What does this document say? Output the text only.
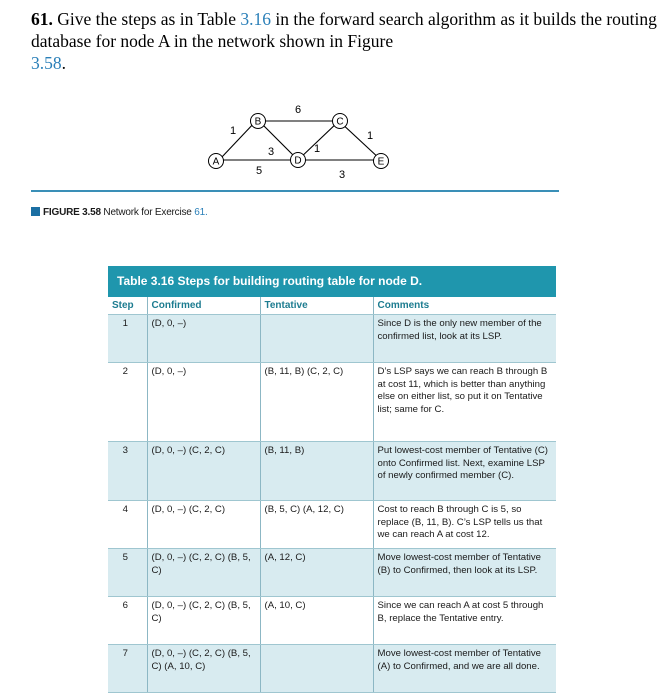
61. Give the steps as in Table 3.16 in the forward search algorithm as it builds the routing database for node A in the network shown in Figure
3.58.
1
5
3
6
1
1
3
A
B	C
D	E
FIGURE 3.58 Network for Exercise 61.
Table 3.16 Steps for building routing table for node D.
Step	Confirmed	Tentative	Comments
1	(D, 0, –)		Since D is the only new member of the confirmed list, look at its LSP.
2	(D, 0, –)	(B, 11, B) (C, 2, C)	D’s LSP says we can reach B through B at cost 11, which is better than anything else on either list, so put it on Tentative list; same for C.
3	(D, 0, –) (C, 2, C)	(B, 11, B)	Put lowest-cost member of Tentative (C) onto Confirmed list. Next, examine LSP of newly confirmed member (C).
4	(D, 0, –) (C, 2, C)	(B, 5, C) (A, 12, C)	Cost to reach B through C is 5, so replace (B, 11, B). C’s LSP tells us that we can reach A at cost 12.
5	(D, 0, –) (C, 2, C) (B, 5, C)	(A, 12, C)	Move lowest-cost member of Tentative (B) to Confirmed, then look at its LSP.
6	(D, 0, –) (C, 2, C) (B, 5, C)	(A, 10, C)	Since we can reach A at cost 5 through B, replace the Tentative entry.
7	(D, 0, –) (C, 2, C) (B, 5, C) (A, 10, C)		Move lowest-cost member of Tentative (A) to Confirmed, and we are all done.
